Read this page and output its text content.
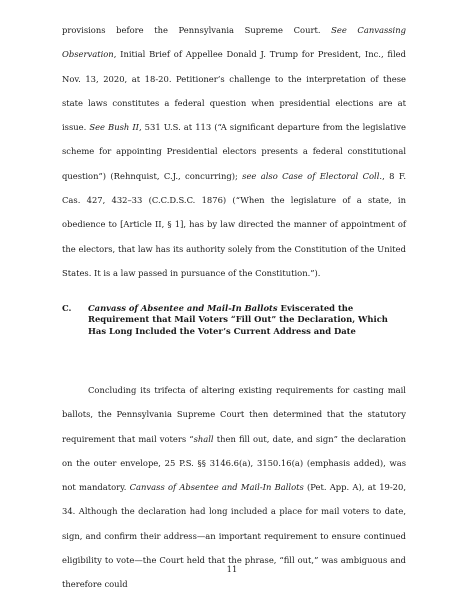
provisions before the Pennsylvania Supreme Court. See Canvassing Observation, Initial Brief of Appellee Donald J. Trump for President, Inc., filed Nov. 13, 2020, at 18-20. Petitioner’s challenge to the interpretation of these state laws constitutes a federal question when presidential elections are at issue. See Bush II, 531 U.S. at 113 (“A significant departure from the legislative scheme for appointing Presidential electors presents a federal constitutional question”) (Rehnquist, C.J., concurring); see also Case of Electoral Coll., 8 F. Cas. 427, 432–33 (C.C.D.S.C. 1876) (“When the legislature of a state, in obedience to [Article II, § 1], has by law directed the manner of appointment of the electors, that law has its authority solely from the Constitution of the United States. It is a law passed in pursuance of the Constitution.”).

C.	Canvass of Absentee and Mail-In Ballots Eviscerated the Requirement that Mail Voters “Fill Out” the Declaration, Which Has Long Included the Voter’s Current Address and Date

Concluding its trifecta of altering existing requirements for casting mail ballots, the Pennsylvania Supreme Court then determined that the statutory requirement that mail voters “shall then fill out, date, and sign” the declaration on the outer envelope, 25 P.S. §§ 3146.6(a), 3150.16(a) (emphasis added), was not mandatory. Canvass of Absentee and Mail-In Ballots (Pet. App. A), at 19-20, 34. Although the declaration had long included a place for mail voters to date, sign, and confirm their address—an important requirement to ensure continued eligibility to vote—the Court held that the phrase, “fill out,” was ambiguous and therefore could

11
